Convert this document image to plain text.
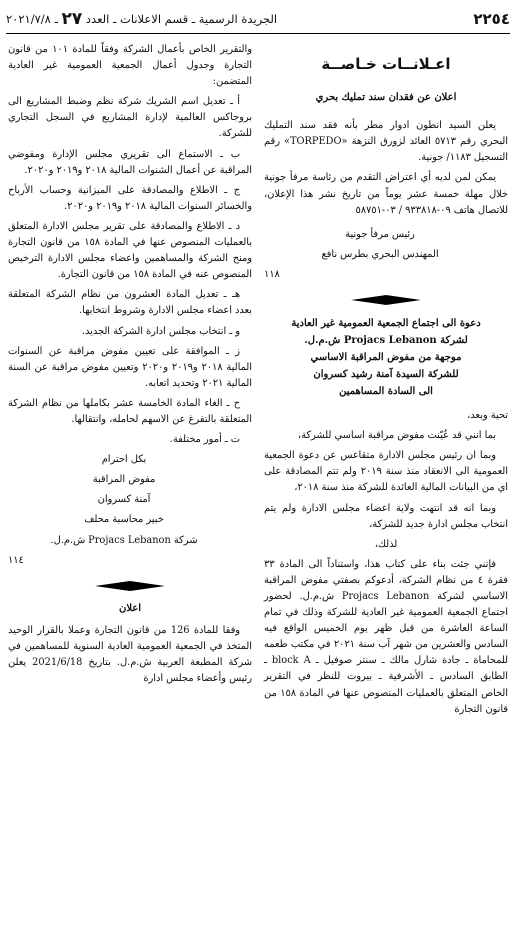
٢٢٥٤
الجريدة الرسمية ـ قسم الاعلانات ـ العدد ٢٧ ـ ٢٠٢١/٧/٨
اعـلانــات خـاصــة
اعلان عن فقدان سند تمليك بحري

يعلن السيد انطون ادوار مطر بأنه فقد سند التمليك البحري رقم ٥٧١٣ العائد لزورق النزهة «TORPEDO» رقم التسجيل ١١٨٣/ جونية.

يمكن لمن لديه أي اعتراض التقدم من رئاسة مرفأ جونية خلال مهلة خمسة عشر يوماً من تاريخ نشر هذا الإعلان، للاتصال هاتف ٠٩-٩٣٣٨١٨ / ٠٣-٥٨٧٥١

رئيس مرفأ جونية

المهندس البحري بطرس نافع

١١٨

دعوة الى اجتماع الجمعية العمومية غير العادية
لشركة Projacs Lebanon ش.م.ل.
موجهة من مفوض المراقبة الاساسي
للشركة السيدة آمنة رشيد كسروان
الى السادة المساهمين

تحية وبعد،

بما انني قد عُيّنت مفوض مراقبة اساسي للشركة،

وبما ان رئيس مجلس الادارة متقاعس عن دعوة الجمعية العمومية الى الانعقاد منذ سنة ٢٠١٩ ولم تتم المصادقة على اي من البيانات المالية العائدة للشركة منذ سنة ٢٠١٨،

وبما انه قد انتهت ولاية اعضاء مجلس الادارة ولم يتم انتخاب مجلس ادارة جديد للشركة،

لذلك،

فإنني جئت بناء على كتاب هذا، واستناداً الى المادة ٣٣ فقرة ٤ من نظام الشركة، أدعوكم بصفتي مفوض المراقبة الاساسي لشركة Projacs Lebanon ش.م.ل. لحضور اجتماع الجمعية العمومية غير العادية للشركة وذلك في تمام الساعة العاشرة من قبل ظهر يوم الخميس الواقع فيه السادس والعشرين من شهر آب سنة ٢٠٢١ في مكتب طعمه للمحاماة ـ جادة شارل مالك ـ سنتر صوفيل ـ block A ـ الطابق السادس ـ الأشرفية ـ بيروت للنظر في التقرير الخاص المتعلق بالعمليات المنصوص عنها في المادة ١٥٨ من قانون التجارة

والتقرير الخاص بأعمال الشركة وفقاً للمادة ١٠١ من قانون التجارة وجدول أعمال الجمعية العمومية غير العادية المتضمن:

أ ـ تعديل اسم الشريك شركة نظم وضبط المشاريع الى بروجاكس العالمية لإدارة المشاريع في السجل التجاري للشركة.

ب ـ الاستماع الى تقريري مجلس الإدارة ومفوضي المراقبة عن أعمال الشنوات المالية ٢٠١٨ و٢٠١٩ و٢٠٢٠.

ج ـ الاطلاع والمصادقة على الميزانية وحساب الأرباح والخسائر السنوات المالية ٢٠١٨ و٢٠١٩ و٢٠٢٠.

د ـ الاطلاع والمصادقة على تقرير مجلس الادارة المتعلق بالعمليات المنصوص عنها في المادة ١٥٨ من قانون التجارة ومنح الشركة والمساهمين واعضاء مجلس الادارة الترخيص المنصوص عنه في المادة ١٥٨ من قانون التجارة.

هـ ـ تعديل المادة العشرون من نظام الشركة المتعلقة بعدد اعضاء مجلس الادارة وشروط انتخابها.

و ـ انتخاب مجلس ادارة الشركة الجديد.

ز ـ الموافقة على تعيين مفوض مراقبة عن السنوات المالية ٢٠١٨ و٢٠١٩ و٢٠٢٠ وتعيين مفوض مراقبة عن السنة المالية ٢٠٢١ وتحديد اتعابه.

ح ـ الغاء المادة الخامسة عشر بكاملها من نظام الشركة المتعلقة بالتفرغ عن الاسهم لحامله، وانتقالها.

ت ـ أمور مختلفة.

بكل احترام

مفوض المراقبة

آمنة كسروان

خبير محاسبة محلف

شركة Projacs Lebanon ش.م.ل.

١١٤

اعلان

وفقا للمادة 126 من قانون التجارة وعملا بالقرار الوحيد المتخذ في الجمعية العمومية العادية السنوية للمساهمين في شركة المطبعة العربية ش.م.ل. بتاريخ 2021/6/18 يعلن رئيس وأعضاء مجلس ادارة
